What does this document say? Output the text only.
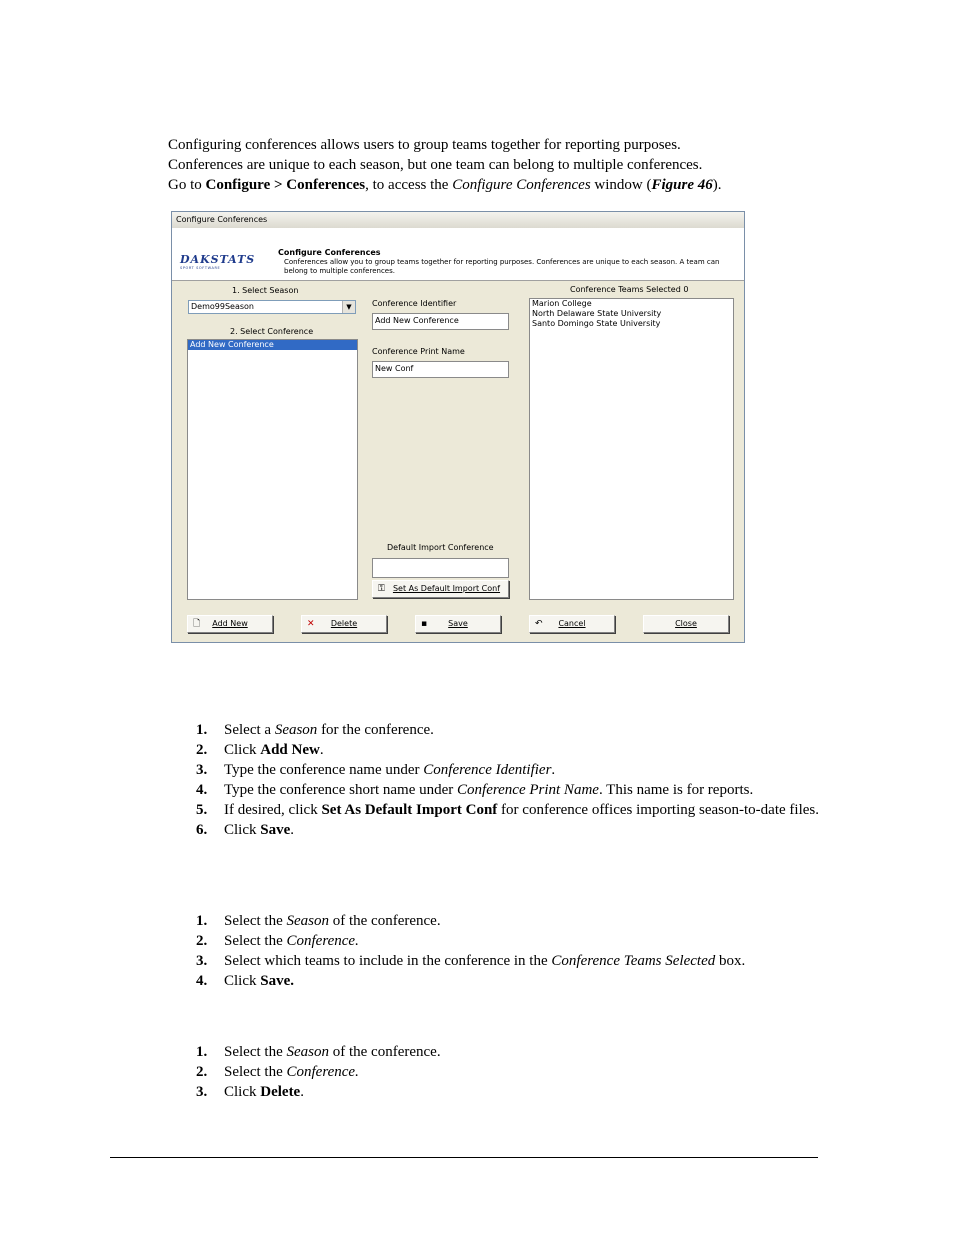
Configuring conferences allows users to group teams together for reporting purposes.

Conferences are unique to each season, but one team can belong to multiple conferences.

Go to Configure > Conferences, to access the Configure Conferences window (Figure 46).

Configure Conferences
DAKSTATS
SPORT SOFTWARE
Configure Conferences
Conferences allow you to group teams together for reporting purposes. Conferences are unique to each season. A team can belong to multiple conferences.
1. Select Season
Demo99Season	▼
2. Select Conference
Add New Conference
Conference Identifier
Add New Conference
Conference Print Name
New Conf
Default Import Conference
⚿ Set As Default Import Conf
Conference Teams Selected 0
Marion College
North Delaware State University
Santo Domingo State University
🗋 Add New	✕ Delete	▪	Save	↶ Cancel	Close
1. Select a Season for the conference.
2. Click Add New.
3. Type the conference name under Conference Identifier.
4. Type the conference short name under Conference Print Name. This name is for reports.
5. If desired, click Set As Default Import Conf for conference offices importing season-to-date files.
6. Click Save.
1. Select the Season of the conference.
2. Select the Conference.
3. Select which teams to include in the conference in the Conference Teams Selected box.
4. Click Save.
1. Select the Season of the conference.
2. Select the Conference.
3. Click Delete.
